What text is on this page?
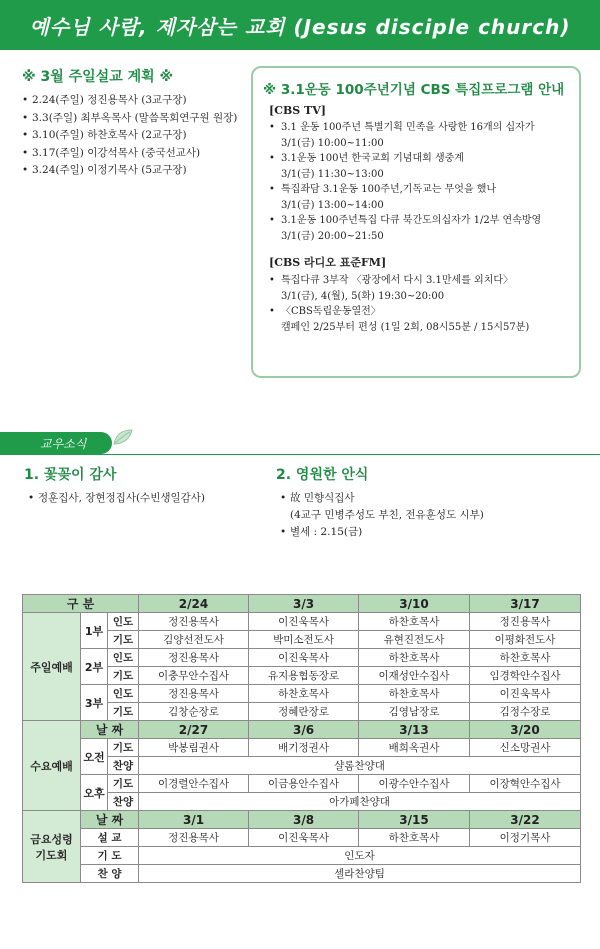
예수님 사람, 제자삼는 교회 (Jesus disciple church)
※ 3월 주일설교 계획 ※
• 2.24(주일) 정진용목사 (3교구장)
• 3.3(주일) 최부옥목사 (말씀목회연구원 원장)
• 3.10(주일) 하찬호목사 (2교구장)
• 3.17(주일) 이강석목사 (중국선교사)
• 3.24(주일) 이정기목사 (5교구장)
※ 3.1운동 100주년기념 CBS 특집프로그램 안내
[CBS TV]
• 3.1 운동 100주년 특별기획 민족을 사랑한 16개의 십자가
3/1(금) 10:00~11:00
• 3.1운동 100년 한국교회 기념대회 생중계
3/1(금) 11:30~13:00
• 특집좌담 3.1운동 100주년,기독교는 무엇을 했나
3/1(금) 13:00~14:00
• 3.1운동 100주년특집 다큐 북간도의십자가 1/2부 연속방영
3/1(금) 20:00~21:50
[CBS 라디오 표준FM]
• 특집다큐 3부작 〈광장에서 다시 3.1만세를 외치다〉
3/1(금), 4(월), 5(화) 19:30~20:00
• 〈CBS독립운동열전〉
캠페인 2/25부터 편성 (1일 2회, 08시55분 / 15시57분)
교우소식
1. 꽃꽂이 감사
• 정훈집사, 장현정집사(수빈생일감사)
2. 영원한 안식
• 故 민향식집사
(4교구 민병주성도 부친, 전유훈성도 시부)
• 별세 : 2.15(금)
구 분			2/24	3/3	3/10	3/17
주일예배	1부	인도	정진용목사	이진욱목사	하찬호목사	정진용목사
		기도	김양선전도사	박미소전도사	유현진전도사	이평화전도사
	2부	인도	정진용목사	이진욱목사	하찬호목사	하찬호목사
		기도	이충무안수집사	유지용협동장로	이재성안수집사	임경학안수집사
	3부	인도	정진용목사	하찬호목사	하찬호목사	이진욱목사
		기도	김창순장로	정혜란장로	김영남장로	김정수장로
수요예배	날 짜		2/27	3/6	3/13	3/20
	오전	기도	박봉림권사	배기정권사	배희옥권사	신소망권사
		찬양	샬롬찬양대			
	오후	기도	이경렬안수집사	이금용안수집사	이광수안수집사	이장혁안수집사
		찬양	아가페찬양대			
금요성령
기도회	날 짜		3/1	3/8	3/15	3/22
	설 교		정진용목사	이진욱목사	하찬호목사	이정기목사
	기 도		인도자			
	찬 양		셀라찬양팀			
